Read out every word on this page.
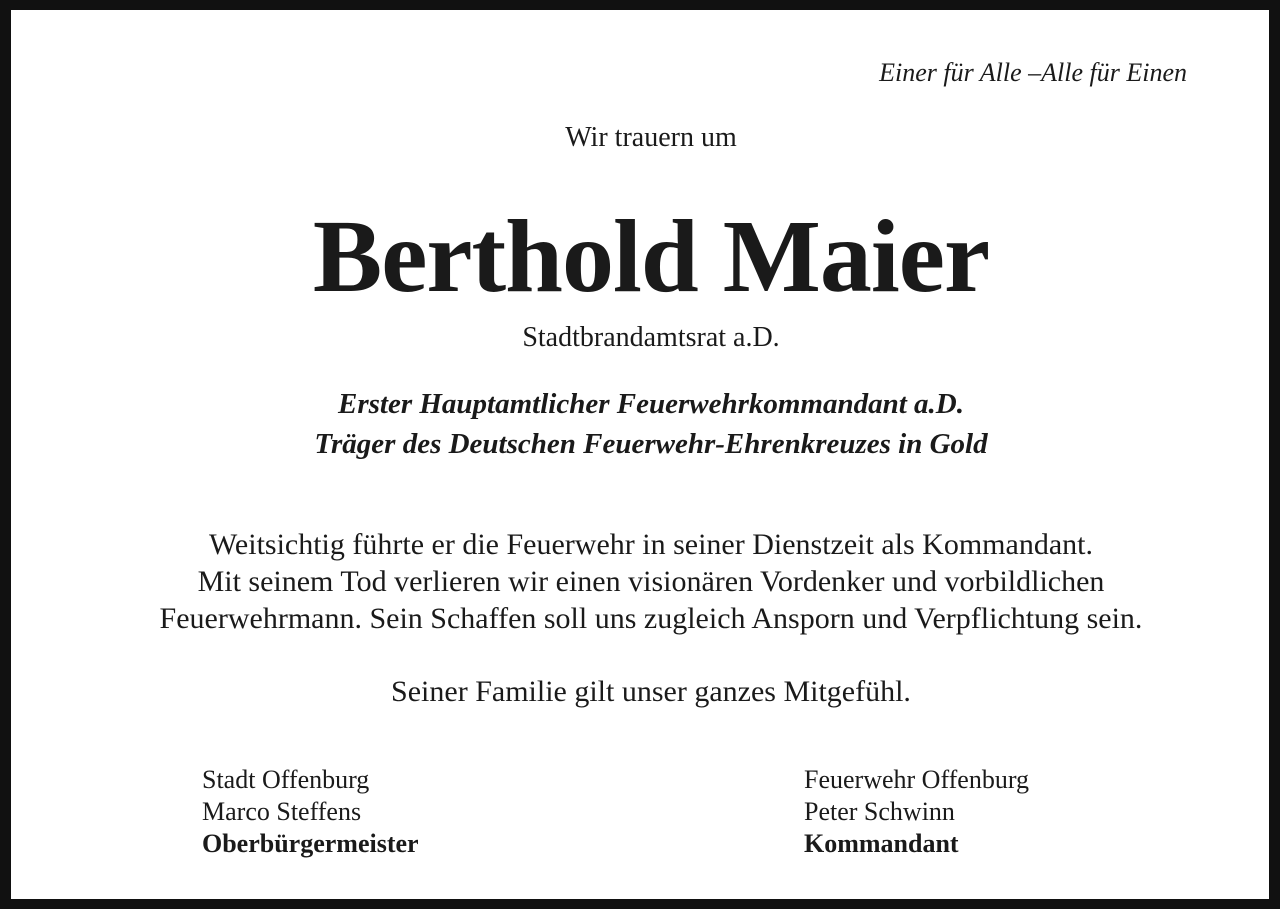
Einer für Alle –Alle für Einen
Wir trauern um
Berthold Maier
Stadtbrandamtsrat a.D.
Erster Hauptamtlicher Feuerwehrkommandant a.D.
Träger des Deutschen Feuerwehr-Ehrenkreuzes in Gold
Weitsichtig führte er die Feuerwehr in seiner Dienstzeit als Kommandant.
Mit seinem Tod verlieren wir einen visionären Vordenker und vorbildlichen
Feuerwehrmann. Sein Schaffen soll uns zugleich Ansporn und Verpflichtung sein.
Seiner Familie gilt unser ganzes Mitgefühl.
Stadt Offenburg
Marco Steffens
Oberbürgermeister
Feuerwehr Offenburg
Peter Schwinn
Kommandant
